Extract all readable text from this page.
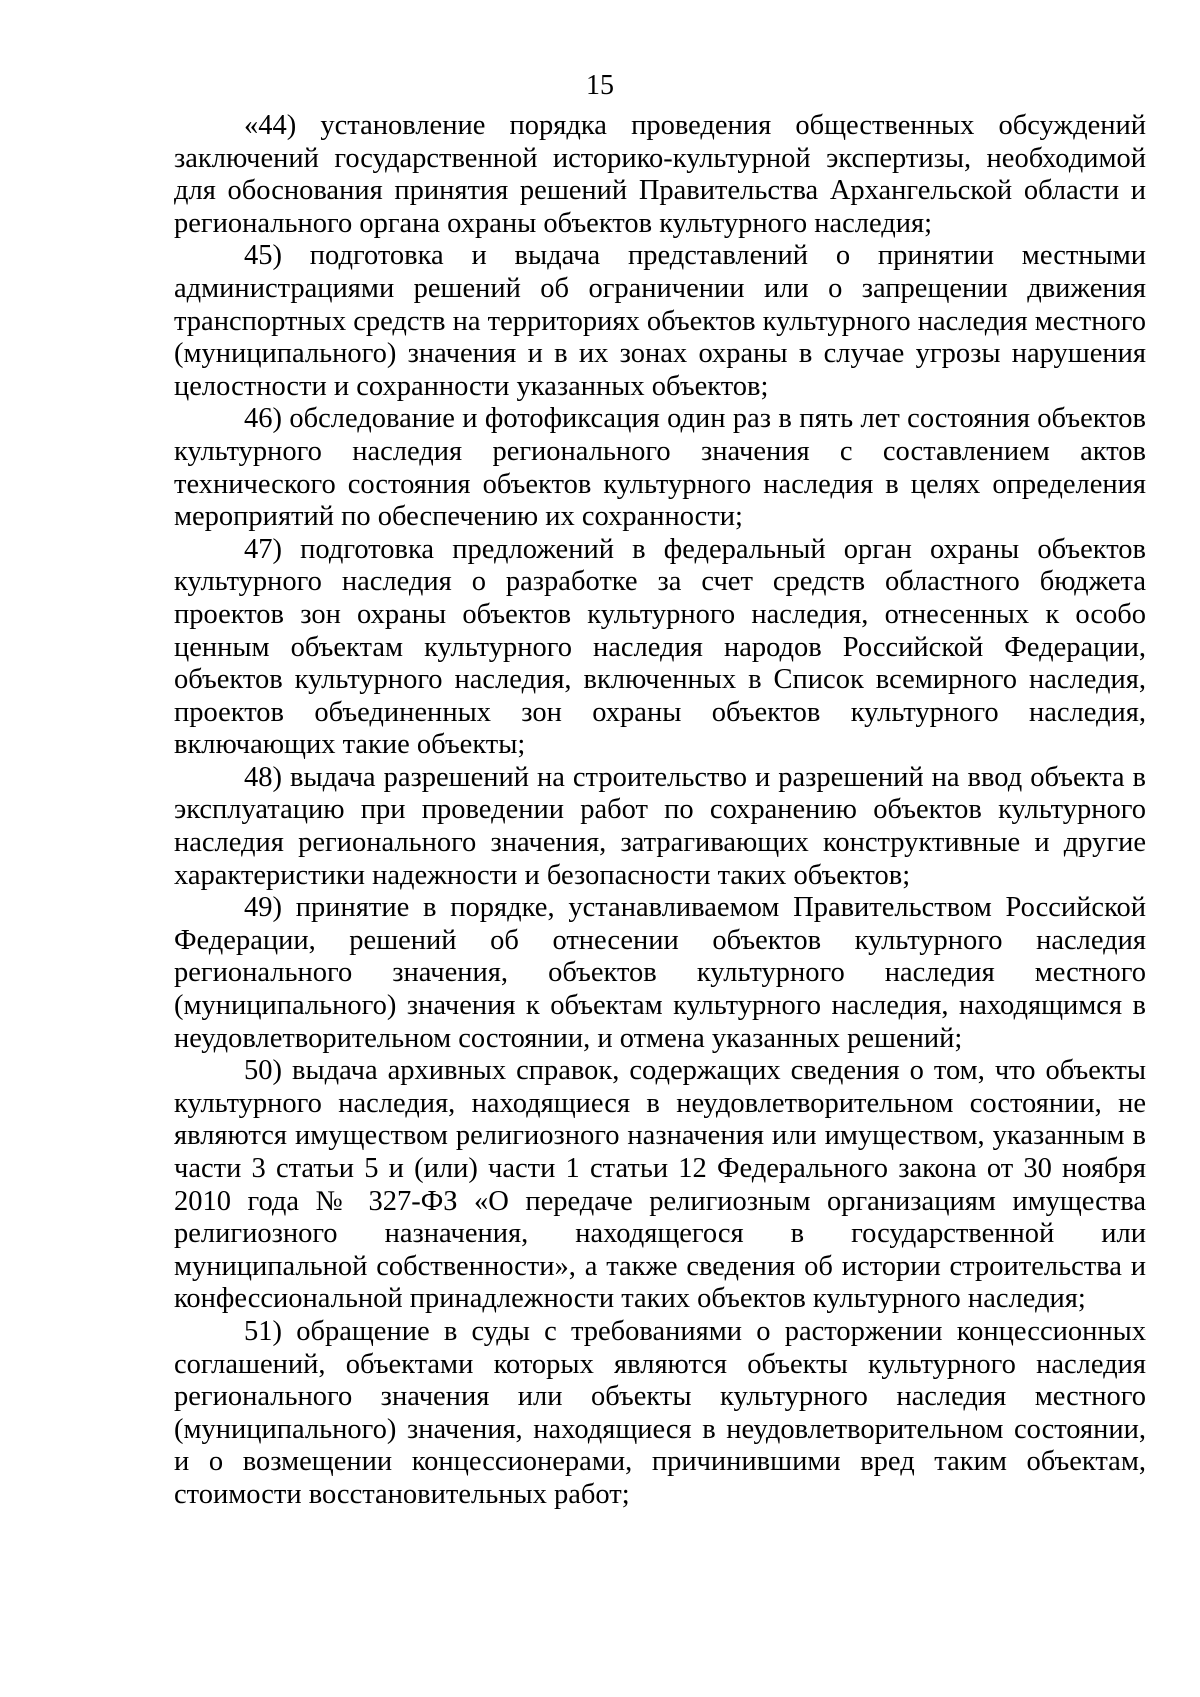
15

«44) установление порядка проведения общественных обсуждений заключений государственной историко-культурной экспертизы, необходимой для обоснования принятия решений Правительства Архангельской области и регионального органа охраны объектов культурного наследия;

45) подготовка и выдача представлений о принятии местными администрациями решений об ограничении или о запрещении движения транспортных средств на территориях объектов культурного наследия местного (муниципального) значения и в их зонах охраны в случае угрозы нарушения целостности и сохранности указанных объектов;

46) обследование и фотофиксация один раз в пять лет состояния объектов культурного наследия регионального значения с составлением актов технического состояния объектов культурного наследия в целях определения мероприятий по обеспечению их сохранности;

47) подготовка предложений в федеральный орган охраны объектов культурного наследия о разработке за счет средств областного бюджета проектов зон охраны объектов культурного наследия, отнесенных к особо ценным объектам культурного наследия народов Российской Федерации, объектов культурного наследия, включенных в Список всемирного наследия, проектов объединенных зон охраны объектов культурного наследия, включающих такие объекты;

48) выдача разрешений на строительство и разрешений на ввод объекта в эксплуатацию при проведении работ по сохранению объектов культурного наследия регионального значения, затрагивающих конструктивные и другие характеристики надежности и безопасности таких объектов;

49) принятие в порядке, устанавливаемом Правительством Российской Федерации, решений об отнесении объектов культурного наследия регионального значения, объектов культурного наследия местного (муниципального) значения к объектам культурного наследия, находящимся в неудовлетворительном состоянии, и отмена указанных решений;

50) выдача архивных справок, содержащих сведения о том, что объекты культурного наследия, находящиеся в неудовлетворительном состоянии, не являются имуществом религиозного назначения или имуществом, указанным в части 3 статьи 5 и (или) части 1 статьи 12 Федерального закона от 30 ноября 2010 года № 327-ФЗ «О передаче религиозным организациям имущества религиозного назначения, находящегося в государственной или муниципальной собственности», а также сведения об истории строительства и конфессиональной принадлежности таких объектов культурного наследия;

51) обращение в суды с требованиями о расторжении концессионных соглашений, объектами которых являются объекты культурного наследия регионального значения или объекты культурного наследия местного (муниципального) значения, находящиеся в неудовлетворительном состоянии, и о возмещении концессионерами, причинившими вред таким объектам, стоимости восстановительных работ;
